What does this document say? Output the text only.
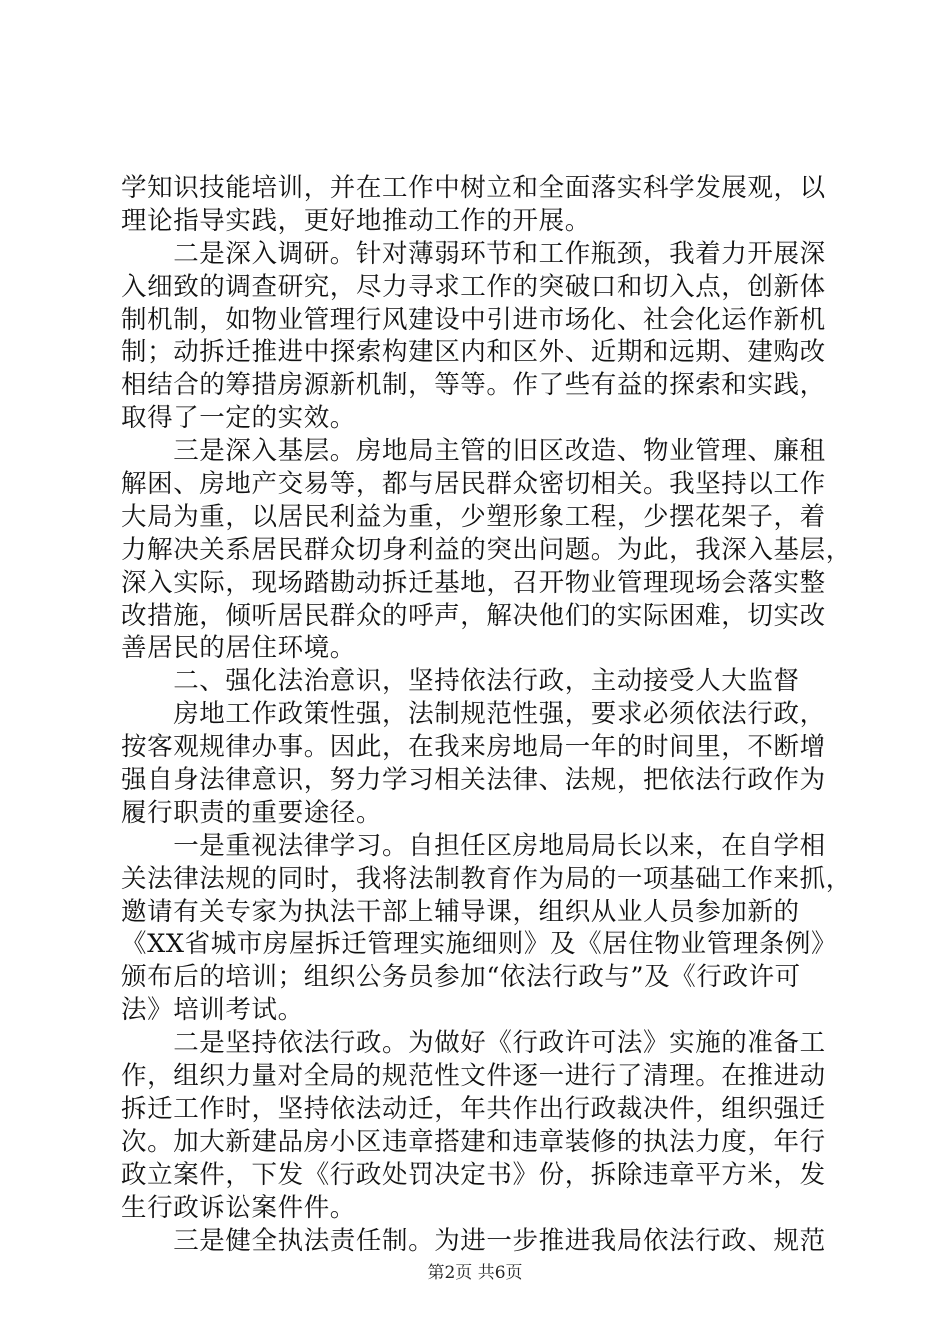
学知识技能培训，并在工作中树立和全面落实科学发展观，以
理论指导实践，更好地推动工作的开展。
　　二是深入调研。针对薄弱环节和工作瓶颈，我着力开展深
入细致的调查研究，尽力寻求工作的突破口和切入点，创新体
制机制，如物业管理行风建设中引进市场化、社会化运作新机
制；动拆迁推进中探索构建区内和区外、近期和远期、建购改
相结合的筹措房源新机制，等等。作了些有益的探索和实践，
取得了一定的实效。
　　三是深入基层。房地局主管的旧区改造、物业管理、廉租
解困、房地产交易等，都与居民群众密切相关。我坚持以工作
大局为重，以居民利益为重，少塑形象工程，少摆花架子，着
力解决关系居民群众切身利益的突出问题。为此，我深入基层，
深入实际，现场踏勘动拆迁基地，召开物业管理现场会落实整
改措施，倾听居民群众的呼声，解决他们的实际困难，切实改
善居民的居住环境。
　　二、强化法治意识，坚持依法行政，主动接受人大监督
　　房地工作政策性强，法制规范性强，要求必须依法行政，
按客观规律办事。因此，在我来房地局一年的时间里，不断增
强自身法律意识，努力学习相关法律、法规，把依法行政作为
履行职责的重要途径。
　　一是重视法律学习。自担任区房地局局长以来，在自学相
关法律法规的同时，我将法制教育作为局的一项基础工作来抓，
邀请有关专家为执法干部上辅导课，组织从业人员参加新的
《XX省城市房屋拆迁管理实施细则》及《居住物业管理条例》
颁布后的培训；组织公务员参加“依法行政与”及《行政许可
法》培训考试。
　　二是坚持依法行政。为做好《行政许可法》实施的准备工
作，组织力量对全局的规范性文件逐一进行了清理。在推进动
拆迁工作时，坚持依法动迁，年共作出行政裁决件，组织强迁
次。加大新建品房小区违章搭建和违章装修的执法力度，年行
政立案件，下发《行政处罚决定书》份，拆除违章平方米，发
生行政诉讼案件件。
　　三是健全执法责任制。为进一步推进我局依法行政、规范
第2页 共6页
